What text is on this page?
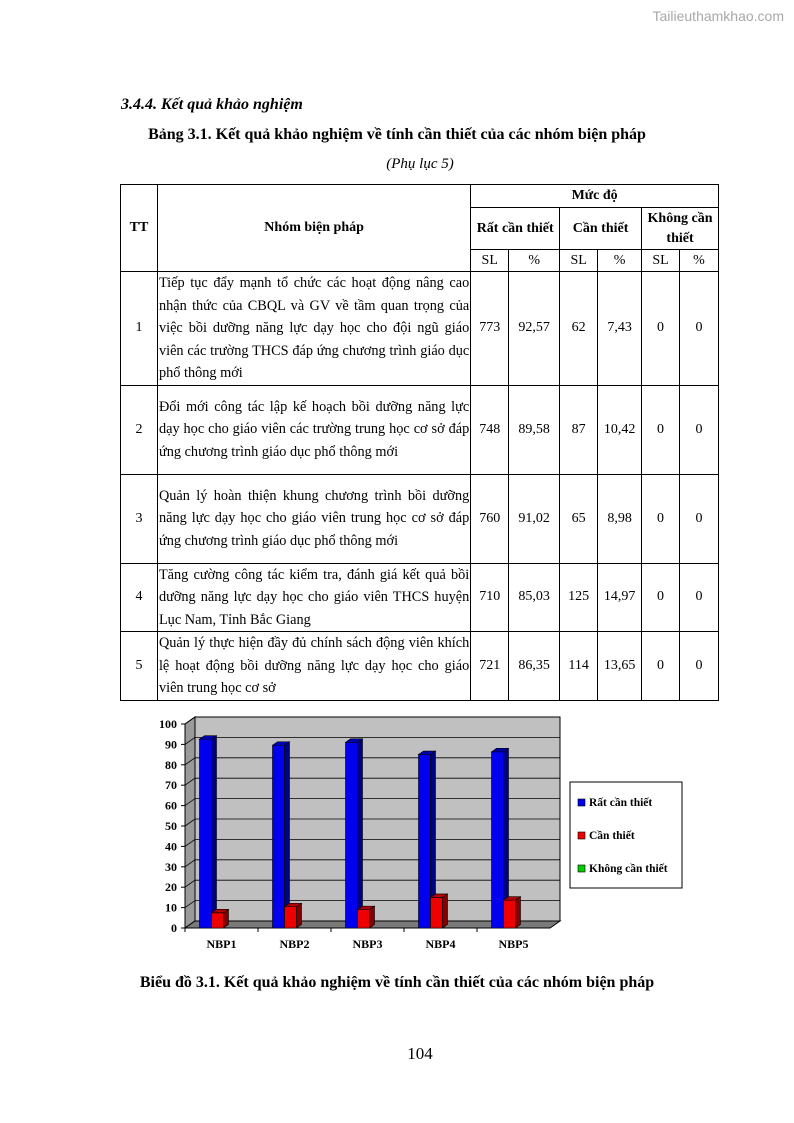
Tailieuthamkhao.com
3.4.4. Kết quả khảo nghiệm
Bảng 3.1. Kết quả khảo nghiệm về tính cần thiết của các nhóm biện pháp
(Phụ lục 5)
TT	Nhóm biện pháp	Mức độ					
		Rất cần thiết		Cần thiết		Không cần thiết	
		SL	%	SL	%	SL	%
1	Tiếp tục đẩy mạnh tổ chức các hoạt động nâng cao nhận thức của CBQL và GV về tầm quan trọng của việc bồi dưỡng năng lực dạy học cho đội ngũ giáo viên các trường THCS đáp ứng chương trình giáo dục phổ thông mới	773	92,57	62	7,43	0	0
2	Đổi mới công tác lập kế hoạch bồi dưỡng năng lực dạy học cho giáo viên các trường trung học cơ sở đáp ứng chương trình giáo dục phổ thông mới	748	89,58	87	10,42	0	0
3	Quản lý hoàn thiện khung chương trình bồi dưỡng năng lực dạy học cho giáo viên trung học cơ sở đáp ứng chương trình giáo dục phổ thông mới	760	91,02	65	8,98	0	0
4	Tăng cường công tác kiểm tra, đánh giá kết quả bồi dưỡng năng lực dạy học cho giáo viên THCS huyện Lục Nam, Tỉnh Bắc Giang	710	85,03	125	14,97	0	0
5	Quản lý thực hiện đầy đủ chính sách động viên khích lệ hoạt động bồi dưỡng năng lực dạy học cho giáo viên trung học cơ sở	721	86,35	114	13,65	0	0
0
10
20
30
40
50
60
70
80
90
100
NBP1	NBP2	NBP3	NBP4	NBP5
Rất cần thiết
Cần thiết
Không cần thiết
Biểu đồ 3.1. Kết quả khảo nghiệm về tính cần thiết của các nhóm biện pháp
104
